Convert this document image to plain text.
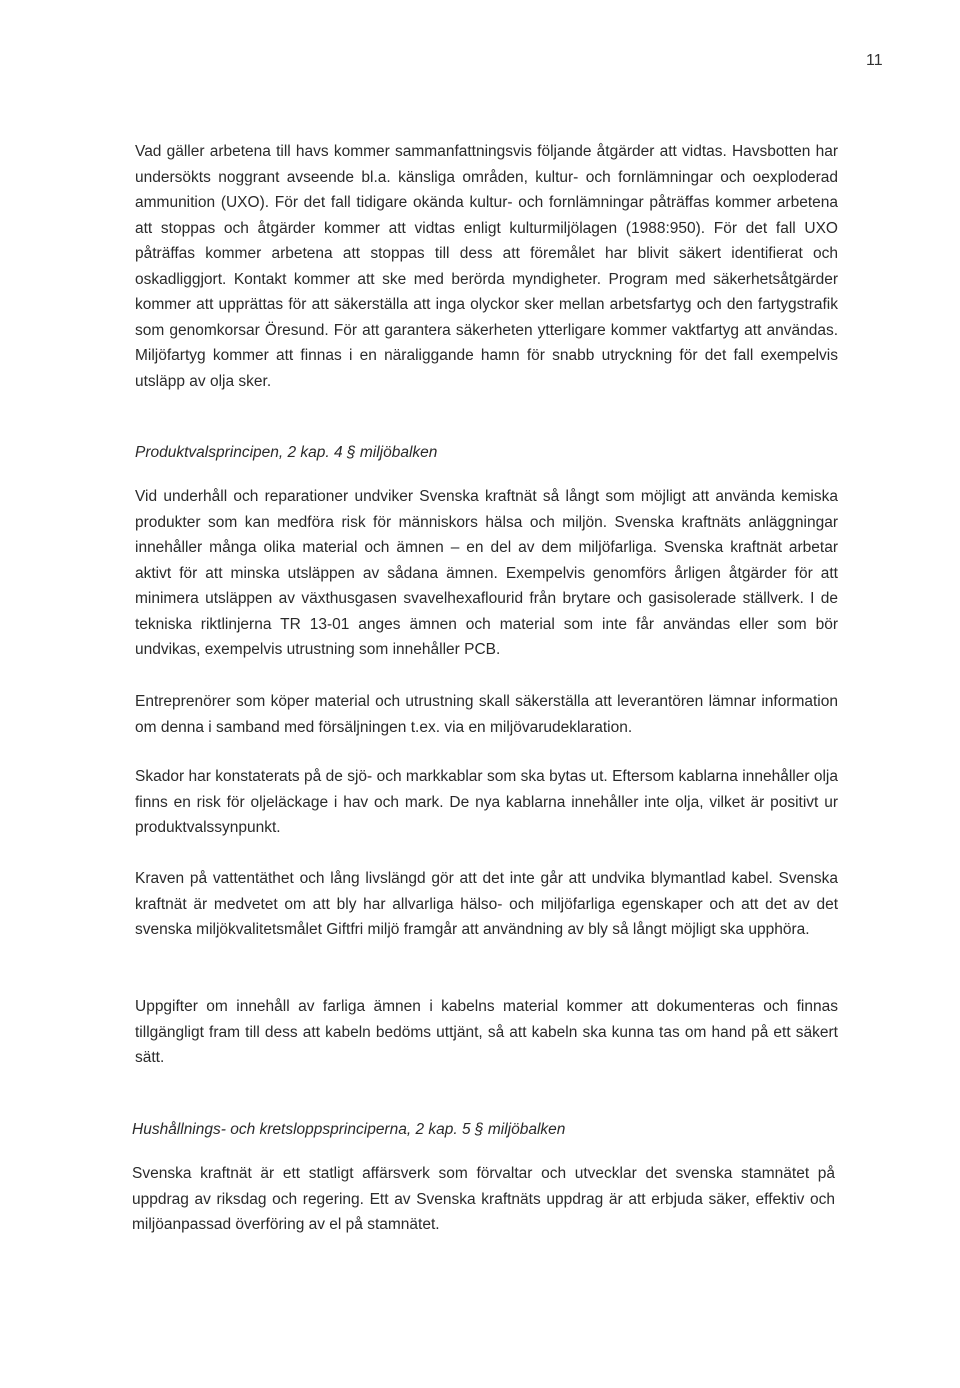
11

Vad gäller arbetena till havs kommer sammanfattningsvis följande åtgärder att vidtas. Havsbotten har undersökts noggrant avseende bl.a. känsliga områden, kultur- och fornlämningar och oexploderad ammunition (UXO). För det fall tidigare okända kultur- och fornlämningar påträffas kommer arbetena att stoppas och åtgärder kommer att vidtas enligt kulturmiljölagen (1988:950). För det fall UXO påträffas kommer arbetena att stoppas till dess att föremålet har blivit säkert identifierat och oskadliggjort. Kontakt kommer att ske med berörda myndigheter. Program med säkerhetsåtgärder kommer att upprättas för att säkerställa att inga olyckor sker mellan arbetsfartyg och den fartygstrafik som genomkorsar Öresund. För att garantera säkerheten ytterligare kommer vaktfartyg att användas. Miljöfartyg kommer att finnas i en näraliggande hamn för snabb utryckning för det fall exempelvis utsläpp av olja sker.

Produktvalsprincipen, 2 kap. 4 § miljöbalken

Vid underhåll och reparationer undviker Svenska kraftnät så långt som möjligt att använda kemiska produkter som kan medföra risk för människors hälsa och miljön. Svenska kraftnäts anläggningar innehåller många olika material och ämnen – en del av dem miljöfarliga. Svenska kraftnät arbetar aktivt för att minska utsläppen av sådana ämnen. Exempelvis genomförs årligen åtgärder för att minimera utsläppen av växthusgasen svavelhexaflourid från brytare och gasisolerade ställverk. I de tekniska riktlinjerna TR 13-01 anges ämnen och material som inte får användas eller som bör undvikas, exempelvis utrustning som innehåller PCB.

Entreprenörer som köper material och utrustning skall säkerställa att leverantören lämnar information om denna i samband med försäljningen t.ex. via en miljövarudeklaration.

Skador har konstaterats på de sjö- och markkablar som ska bytas ut. Eftersom kablarna innehåller olja finns en risk för oljeläckage i hav och mark. De nya kablarna innehåller inte olja, vilket är positivt ur produktvalssynpunkt.

Kraven på vattentäthet och lång livslängd gör att det inte går att undvika blymantlad kabel. Svenska kraftnät är medvetet om att bly har allvarliga hälso- och miljöfarliga egenskaper och att det av det svenska miljökvalitetsmålet Giftfri miljö framgår att användning av bly så långt möjligt ska upphöra.

Uppgifter om innehåll av farliga ämnen i kabelns material kommer att dokumenteras och finnas tillgängligt fram till dess att kabeln bedöms uttjänt, så att kabeln ska kunna tas om hand på ett säkert sätt.

Hushållnings- och kretsloppsprinciperna, 2 kap. 5 § miljöbalken

Svenska kraftnät är ett statligt affärsverk som förvaltar och utvecklar det svenska stamnätet på uppdrag av riksdag och regering. Ett av Svenska kraftnäts uppdrag är att erbjuda säker, effektiv och miljöanpassad överföring av el på stamnätet.
